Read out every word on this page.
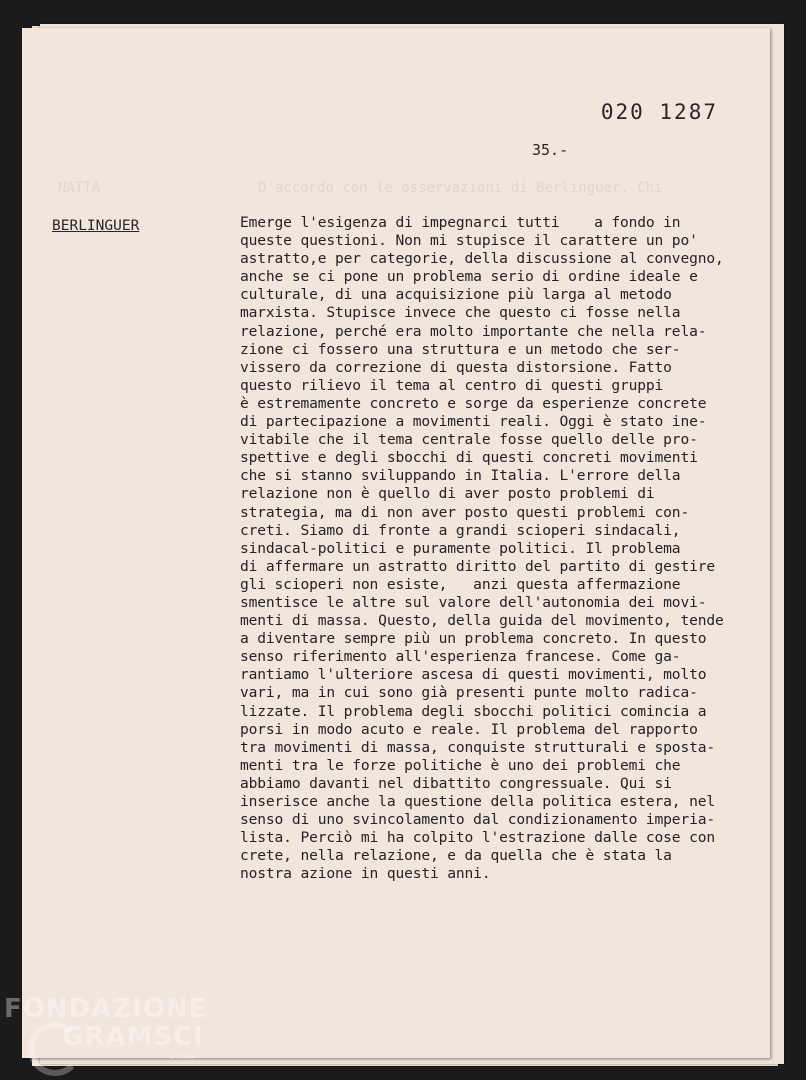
NATTA	D'accordo con le osservazioni di Berlinguer. Chi
020 1287
35.-
BERLINGUER	Emerge l'esigenza di impegnarci tutti    a fondo in
queste questioni. Non mi stupisce il carattere un po'
astratto,e per categorie, della discussione al convegno,
anche se ci pone un problema serio di ordine ideale e
culturale, di una acquisizione più larga al metodo
marxista. Stupisce invece che questo ci fosse nella
relazione, perché era molto importante che nella rela-
zione ci fossero una struttura e un metodo che ser-
vissero da correzione di questa distorsione. Fatto
questo rilievo il tema al centro di questi gruppi
è estremamente concreto e sorge da esperienze concrete
di partecipazione a movimenti reali. Oggi è stato ine-
vitabile che il tema centrale fosse quello delle pro-
spettive e degli sbocchi di questi concreti movimenti
che si stanno sviluppando in Italia. L'errore della
relazione non è quello di aver posto problemi di
strategia, ma di non aver posto questi problemi con-
creti. Siamo di fronte a grandi scioperi sindacali,
sindacal-politici e puramente politici. Il problema
di affermare un astratto diritto del partito di gestire
gli scioperi non esiste,   anzi questa affermazione
smentisce le altre sul valore dell'autonomia dei movi-
menti di massa. Questo, della guida del movimento, tende
a diventare sempre più un problema concreto. In questo
senso riferimento all'esperienza francese. Come ga-
rantiamo l'ulteriore ascesa di questi movimenti, molto
vari, ma in cui sono già presenti punte molto radica-
lizzate. Il problema degli sbocchi politici comincia a
porsi in modo acuto e reale. Il problema del rapporto
tra movimenti di massa, conquiste strutturali e sposta-
menti tra le forze politiche è uno dei problemi che
abbiamo davanti nel dibattito congressuale. Qui si
inserisce anche la questione della politica estera, nel
senso di uno svincolamento dal condizionamento imperia-
lista. Perciò mi ha colpito l'estrazione dalle cose con
crete, nella relazione, e da quella che è stata la
nostra azione in questi anni.
FONDAZIONE
GRAMSCI
onlus
